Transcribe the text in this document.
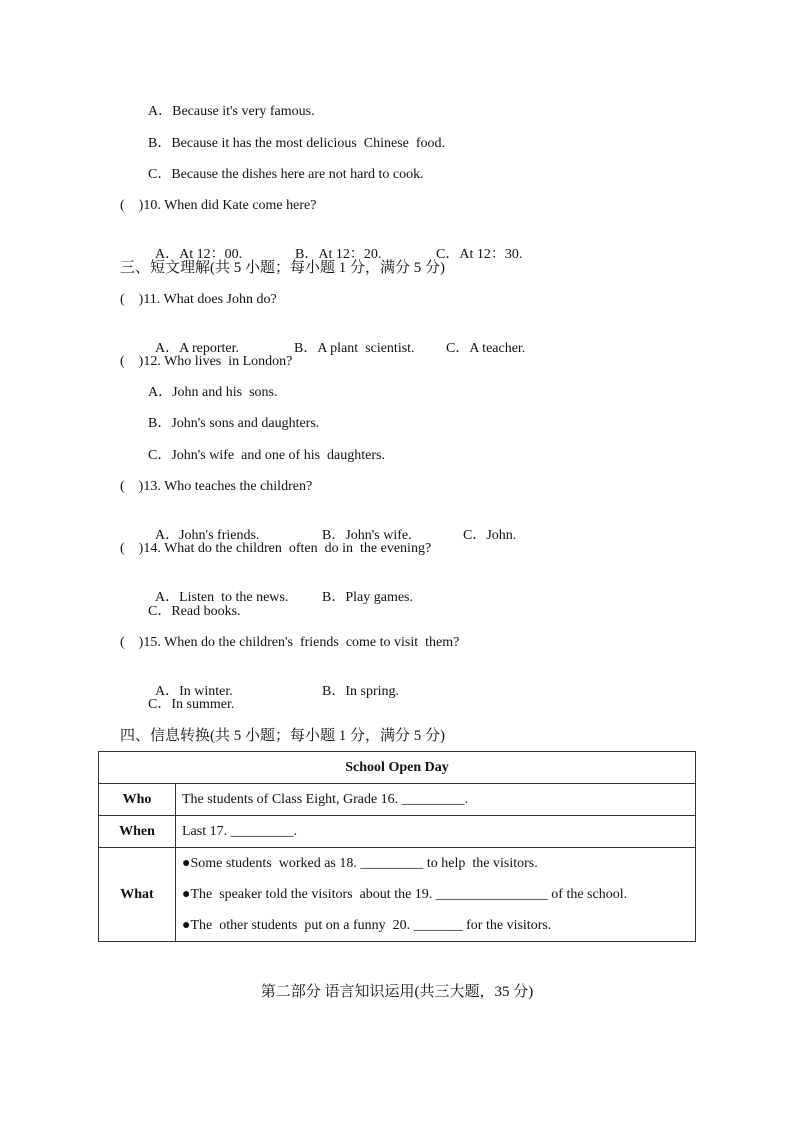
A．Because it's very famous.
B．Because it has the most delicious  Chinese  food.
C．Because the dishes here are not hard to cook.
(    )10. When did Kate come here?

A．At 12：00.	B．At 12：20.	C．At 12：30.

三、短文理解(共 5 小题；每小题 1 分，满分 5 分)
(    )11. What does John do?

A．A reporter.	B．A plant  scientist. C．A teacher.

(    )12. Who lives  in London?
A．John and his  sons.
B．John's sons and daughters.
C．John's wife  and one of his  daughters.
(    )13. Who teaches the children?

A．John's friends.	B．John's wife.	C．John.

(    )14. What do the children  often  do in  the evening?

A．Listen  to the news. B．Play games.

C．Read books.
(    )15. When do the children's  friends  come to visit  them?

A．In winter.	B．In spring.

C．In summer.
四、信息转换(共 5 小题；每小题 1 分，满分 5 分)
School Open Day	
Who	The students of Class Eight, Grade 16. _________.
When	Last 17. _________.
What	●Some students  worked as 18. _________ to help  the visitors.
●The  speaker told the visitors  about the 19. ________________ of the school.
●The  other students  put on a funny  20. _______ for the visitors.
第二部分 语言知识运用(共三大题，35 分)
